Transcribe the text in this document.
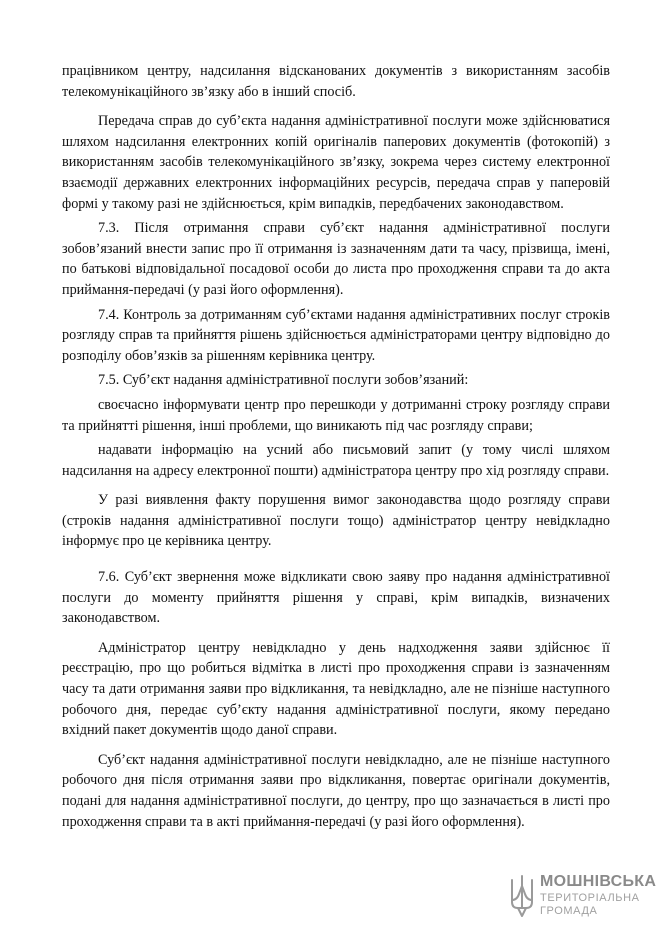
працівником центру, надсилання відсканованих документів з використанням засобів телекомунікаційного зв’язку або в інший спосіб.

Передача справ до суб’єкта надання адміністративної послуги може здійснюватися шляхом надсилання електронних копій оригіналів паперових документів (фотокопій) з використанням засобів телекомунікаційного зв’язку, зокрема через систему електронної взаємодії державних електронних інформаційних ресурсів, передача справ у паперовій формі у такому разі не здійснюється, крім випадків, передбачених законодавством.

7.3. Після отримання справи суб’єкт надання адміністративної послуги зобов’язаний внести запис про її отримання із зазначенням дати та часу, прізвища, імені, по батькові відповідальної посадової особи до листа про проходження справи та до акта приймання-передачі (у разі його оформлення).

7.4. Контроль за дотриманням суб’єктами надання адміністративних послуг строків розгляду справ та прийняття рішень здійснюється адміністраторами центру відповідно до розподілу обов’язків за рішенням керівника центру.

7.5. Суб’єкт надання адміністративної послуги зобов’язаний:

своєчасно інформувати центр про перешкоди у дотриманні строку розгляду справи та прийнятті рішення, інші проблеми, що виникають під час розгляду справи;

надавати інформацію на усний або письмовий запит (у тому числі шляхом надсилання на адресу електронної пошти) адміністратора центру про хід розгляду справи.

У разі виявлення факту порушення вимог законодавства щодо розгляду справи (строків надання адміністративної послуги тощо) адміністратор центру невідкладно інформує про це керівника центру.

7.6. Суб’єкт звернення може відкликати свою заяву про надання адміністративної послуги до моменту прийняття рішення у справі, крім випадків, визначених законодавством.

Адміністратор центру невідкладно у день надходження заяви здійснює її реєстрацію, про що робиться відмітка в листі про проходження справи із зазначенням часу та дати отримання заяви про відкликання, та невідкладно, але не пізніше наступного робочого дня, передає суб’єкту надання адміністративної послуги, якому передано вхідний пакет документів щодо даної справи.

Суб’єкт надання адміністративної послуги невідкладно, але не пізніше наступного робочого дня після отримання заяви про відкликання, повертає оригінали документів, подані для надання адміністративної послуги, до центру, про що зазначається в листі про проходження справи та в акті приймання-передачі (у разі його оформлення).

МОШНІВСЬКА
ТЕРИТОРІАЛЬНА
ГРОМАДА
